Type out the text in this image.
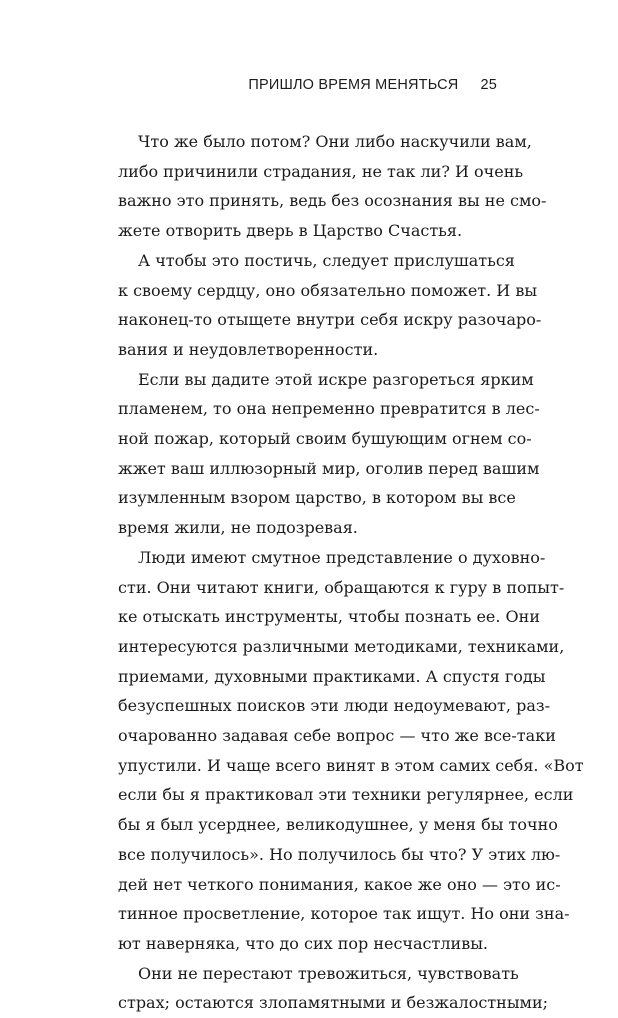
ПРИШЛО ВРЕМЯ МЕНЯТЬСЯ 25
Что же было потом? Они либо наскучили вам,
либо причинили страдания, не так ли? И очень
важно это принять, ведь без осознания вы не смо-
жете отворить дверь в Царство Счастья.
А чтобы это постичь, следует прислушаться
к своему сердцу, оно обязательно поможет. И вы
наконец-то отыщете внутри себя искру разочаро-
вания и неудовлетворенности.
Если вы дадите этой искре разгореться ярким
пламенем, то она непременно превратится в лес-
ной пожар, который своим бушующим огнем со-
жжет ваш иллюзорный мир, оголив перед вашим
изумленным взором царство, в котором вы все
время жили, не подозревая.
Люди имеют смутное представление о духовно-
сти. Они читают книги, обращаются к гуру в попыт-
ке отыскать инструменты, чтобы познать ее. Они
интересуются различными методиками, техниками,
приемами, духовными практиками. А спустя годы
безуспешных поисков эти люди недоумевают, раз-
очарованно задавая себе вопрос — что же все-таки
упустили. И чаще всего винят в этом самих себя. «Вот
если бы я практиковал эти техники регулярнее, если
бы я был усерднее, великодушнее, у меня бы точно
все получилось». Но получилось бы что? У этих лю-
дей нет четкого понимания, какое же оно — это ис-
тинное просветление, которое так ищут. Но они зна-
ют наверняка, что до сих пор несчастливы.
Они не перестают тревожиться, чувствовать
страх; остаются злопамятными и безжалостными;
